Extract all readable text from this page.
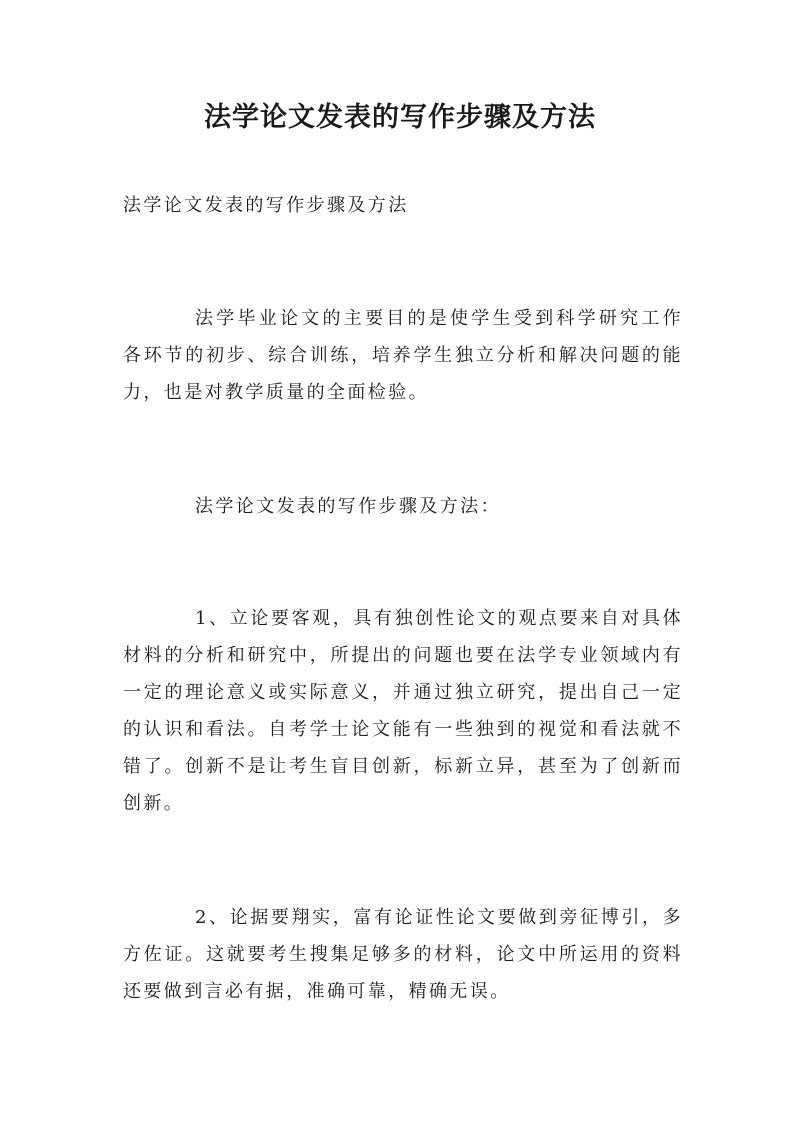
法学论文发表的写作步骤及方法

法学论文发表的写作步骤及方法

法学毕业论文的主要目的是使学生受到科学研究工作各环节的初步、综合训练，培养学生独立分析和解决问题的能力，也是对教学质量的全面检验。

法学论文发表的写作步骤及方法：

1、立论要客观，具有独创性论文的观点要来自对具体材料的分析和研究中，所提出的问题也要在法学专业领域内有一定的理论意义或实际意义，并通过独立研究，提出自己一定的认识和看法。自考学士论文能有一些独到的视觉和看法就不错了。创新不是让考生盲目创新，标新立异，甚至为了创新而创新。

2、论据要翔实，富有论证性论文要做到旁征博引，多方佐证。这就要考生搜集足够多的材料，论文中所运用的资料还要做到言必有据，准确可靠，精确无误。
